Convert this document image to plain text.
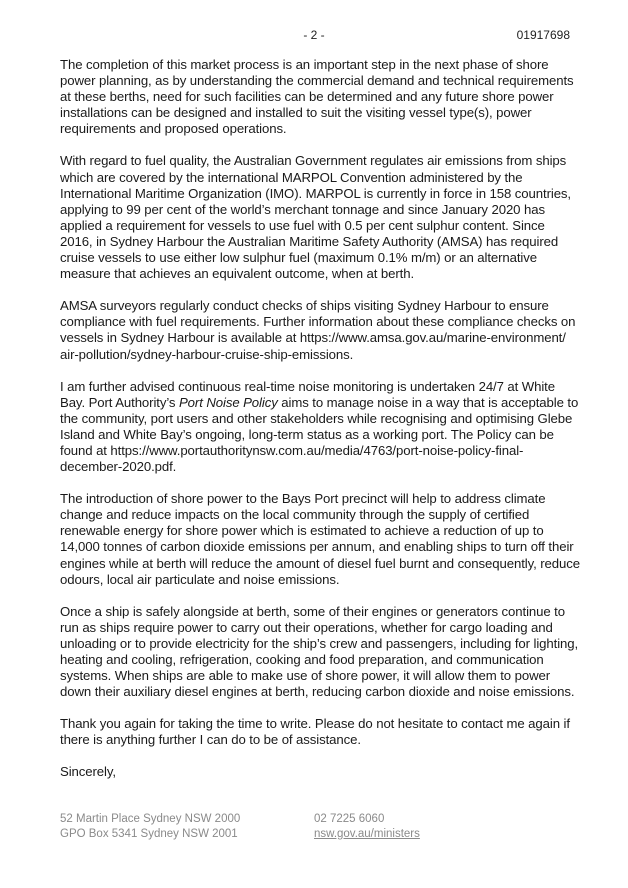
- 2 -	01917698

The completion of this market process is an important step in the next phase of shore power planning, as by understanding the commercial demand and technical requirements at these berths, need for such facilities can be determined and any future shore power installations can be designed and installed to suit the visiting vessel type(s), power requirements and proposed operations.

With regard to fuel quality, the Australian Government regulates air emissions from ships which are covered by the international MARPOL Convention administered by the International Maritime Organization (IMO). MARPOL is currently in force in 158 countries, applying to 99 per cent of the world’s merchant tonnage and since January 2020 has applied a requirement for vessels to use fuel with 0.5 per cent sulphur content. Since 2016, in Sydney Harbour the Australian Maritime Safety Authority (AMSA) has required cruise vessels to use either low sulphur fuel (maximum 0.1% m/m) or an alternative measure that achieves an equivalent outcome, when at berth.

AMSA surveyors regularly conduct checks of ships visiting Sydney Harbour to ensure compliance with fuel requirements. Further information about these compliance checks on vessels in Sydney Harbour is available at https://www.amsa.gov.au/marine-environment/ air-pollution/sydney-harbour-cruise-ship-emissions.

I am further advised continuous real-time noise monitoring is undertaken 24/7 at White Bay. Port Authority’s Port Noise Policy aims to manage noise in a way that is acceptable to the community, port users and other stakeholders while recognising and optimising Glebe Island and White Bay’s ongoing, long-term status as a working port. The Policy can be found at https://www.portauthoritynsw.com.au/media/4763/port-noise-policy-final-december-2020.pdf.

The introduction of shore power to the Bays Port precinct will help to address climate change and reduce impacts on the local community through the supply of certified renewable energy for shore power which is estimated to achieve a reduction of up to 14,000 tonnes of carbon dioxide emissions per annum, and enabling ships to turn off their engines while at berth will reduce the amount of diesel fuel burnt and consequently, reduce odours, local air particulate and noise emissions.

Once a ship is safely alongside at berth, some of their engines or generators continue to run as ships require power to carry out their operations, whether for cargo loading and unloading or to provide electricity for the ship’s crew and passengers, including for lighting, heating and cooling, refrigeration, cooking and food preparation, and communication systems. When ships are able to make use of shore power, it will allow them to power down their auxiliary diesel engines at berth, reducing carbon dioxide and noise emissions.

Thank you again for taking the time to write. Please do not hesitate to contact me again if there is anything further I can do to be of assistance.

Sincerely,

52 Martin Place Sydney NSW 2000
GPO Box 5341 Sydney NSW 2001
02 7225 6060
nsw.gov.au/ministers
